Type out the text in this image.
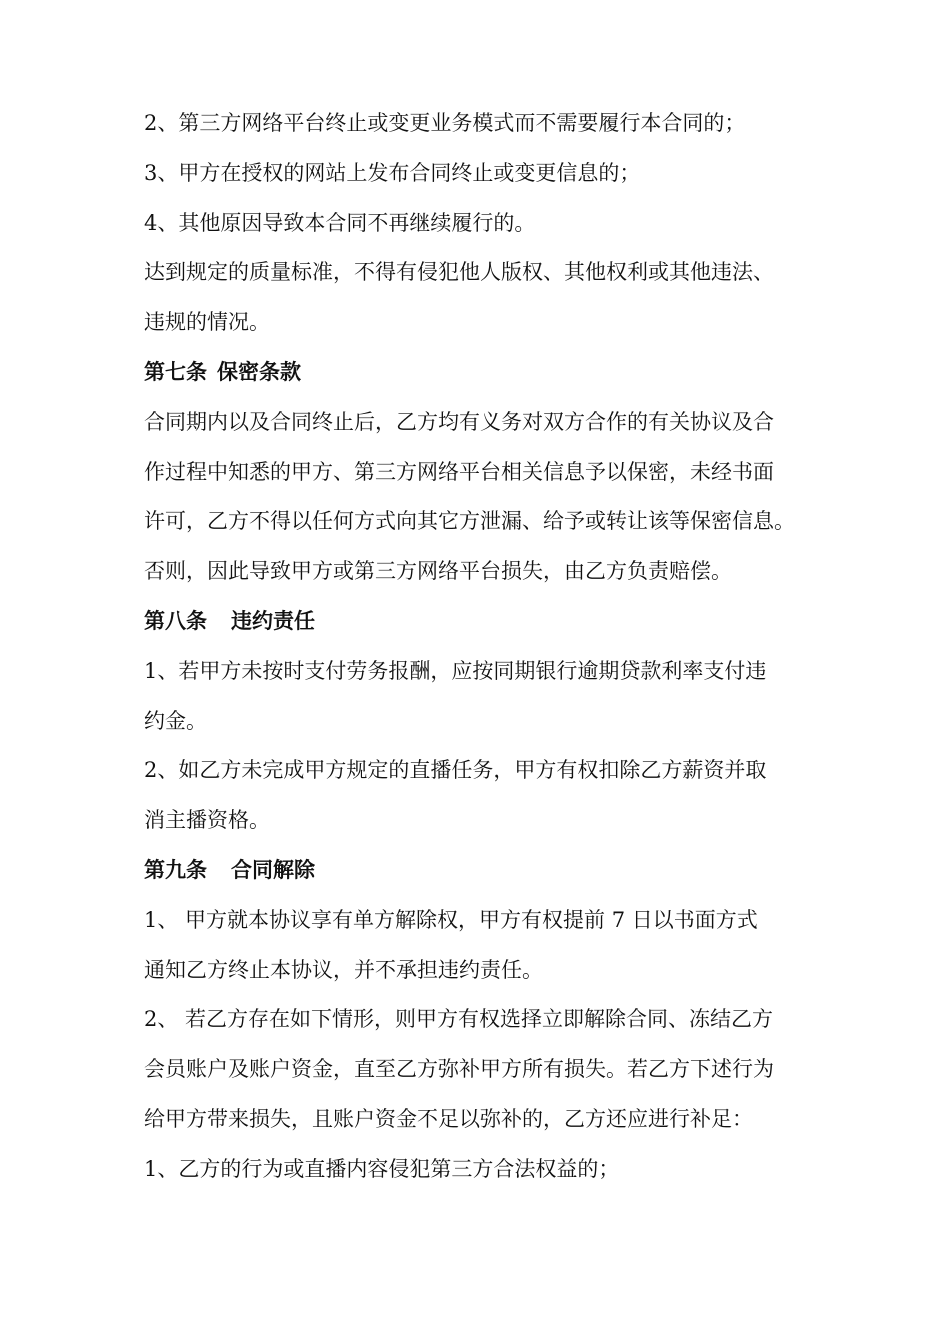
2、第三方网络平台终止或变更业务模式而不需要履行本合同的；

3、甲方在授权的网站上发布合同终止或变更信息的；

4、其他原因导致本合同不再继续履行的。

达到规定的质量标准，不得有侵犯他人版权、其他权利或其他违法、

违规的情况。

第七条 保密条款

合同期内以及合同终止后，乙方均有义务对双方合作的有关协议及合

作过程中知悉的甲方、第三方网络平台相关信息予以保密，未经书面

许可，乙方不得以任何方式向其它方泄漏、给予或转让该等保密信息。

否则，因此导致甲方或第三方网络平台损失，由乙方负责赔偿。

第八条 违约责任

1、若甲方未按时支付劳务报酬，应按同期银行逾期贷款利率支付违

约金。

2、如乙方未完成甲方规定的直播任务，甲方有权扣除乙方薪资并取

消主播资格。

第九条 合同解除

1、 甲方就本协议享有单方解除权，甲方有权提前 7 日以书面方式

通知乙方终止本协议，并不承担违约责任。

2、 若乙方存在如下情形，则甲方有权选择立即解除合同、冻结乙方

会员账户及账户资金，直至乙方弥补甲方所有损失。若乙方下述行为

给甲方带来损失，且账户资金不足以弥补的，乙方还应进行补足：

1、乙方的行为或直播内容侵犯第三方合法权益的；
